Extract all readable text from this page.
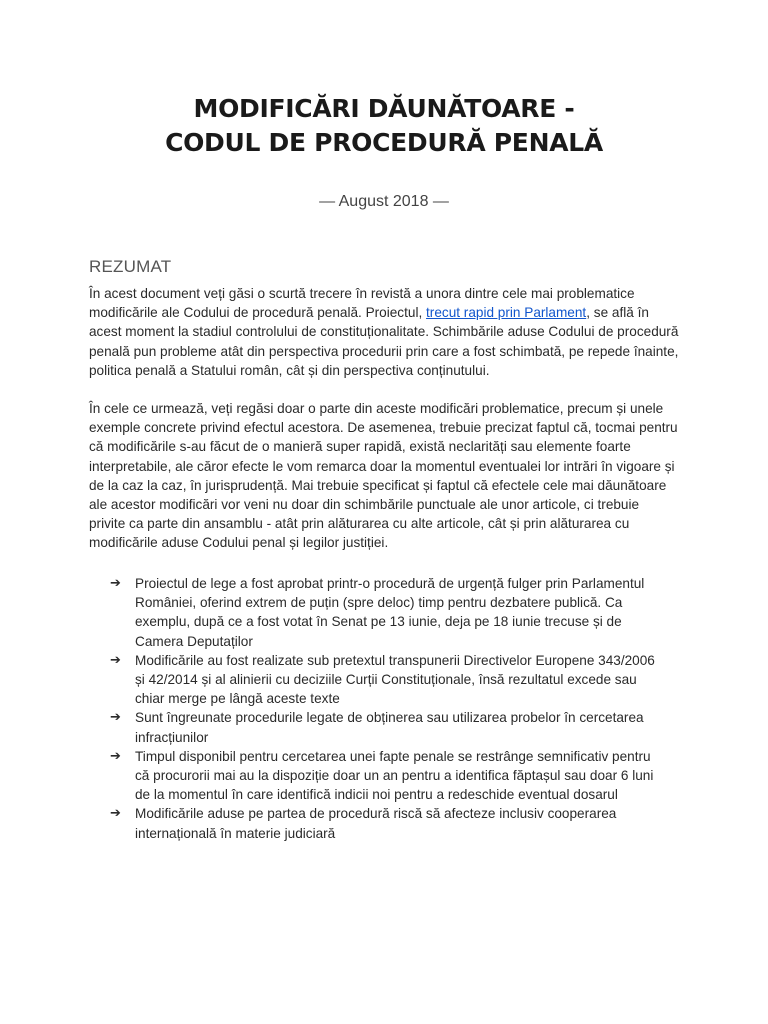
MODIFICĂRI DĂUNĂTOARE -
CODUL DE PROCEDURĂ PENALĂ
— August 2018 —
REZUMAT

În acest document veți găsi o scurtă trecere în revistă a unora dintre cele mai problematice modificările ale Codului de procedură penală. Proiectul, trecut rapid prin Parlament, se află în acest moment la stadiul controlului de constituționalitate. Schimbările aduse Codului de procedură penală pun probleme atât din perspectiva procedurii prin care a fost schimbată, pe repede înainte, politica penală a Statului român, cât și din perspectiva conținutului.

În cele ce urmează, veți regăsi doar o parte din aceste modificări problematice, precum și unele exemple concrete privind efectul acestora. De asemenea, trebuie precizat faptul că, tocmai pentru că modificările s-au făcut de o manieră super rapidă, există neclarități sau elemente foarte interpretabile, ale căror efecte le vom remarca doar la momentul eventualei lor intrări în vigoare și de la caz la caz, în jurisprudență. Mai trebuie specificat și faptul că efectele cele mai dăunătoare ale acestor modificări vor veni nu doar din schimbările punctuale ale unor articole, ci trebuie privite ca parte din ansamblu - atât prin alăturarea cu alte articole, cât și prin alăturarea cu modificările aduse Codului penal și legilor justiției.

➔ Proiectul de lege a fost aprobat printr-o procedură de urgență fulger prin Parlamentul României, oferind extrem de puțin (spre deloc) timp pentru dezbatere publică. Ca exemplu, după ce a fost votat în Senat pe 13 iunie, deja pe 18 iunie trecuse și de Camera Deputaților
➔ Modificările au fost realizate sub pretextul transpunerii Directivelor Europene 343/2006 și 42/2014 și al alinierii cu deciziile Curții Constituționale, însă rezultatul excede sau chiar merge pe lângă aceste texte
➔ Sunt îngreunate procedurile legate de obținerea sau utilizarea probelor în cercetarea infracțiunilor
➔ Timpul disponibil pentru cercetarea unei fapte penale se restrânge semnificativ pentru că procurorii mai au la dispoziție doar un an pentru a identifica făptașul sau doar 6 luni de la momentul în care identifică indicii noi pentru a redeschide eventual dosarul
➔ Modificările aduse pe partea de procedură riscă să afecteze inclusiv cooperarea internațională în materie judiciară
